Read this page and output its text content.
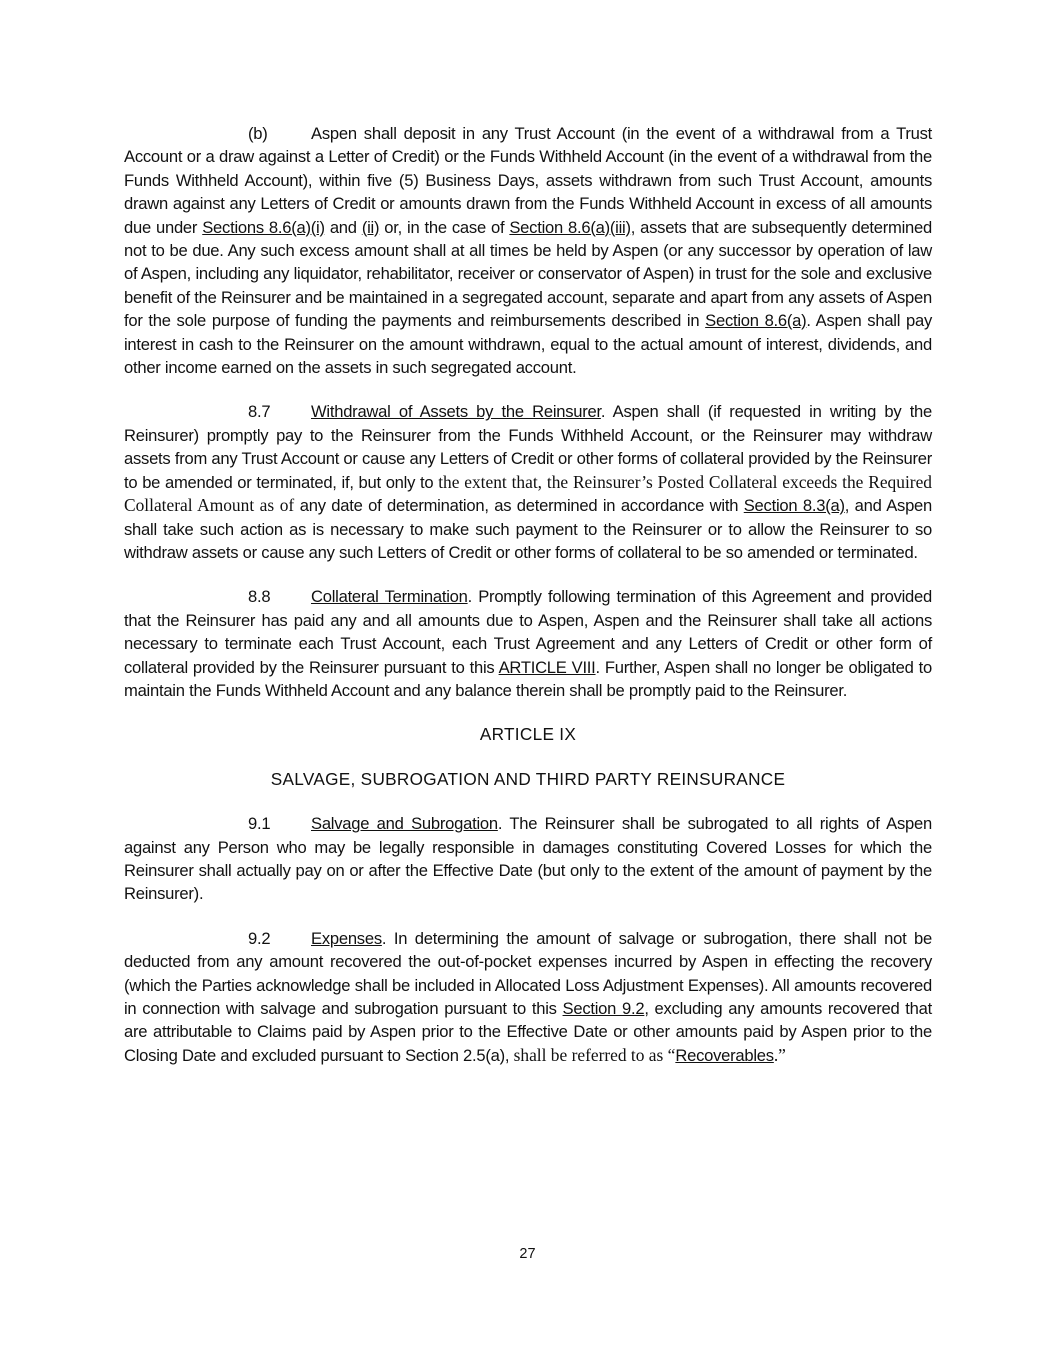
(b)	Aspen shall deposit in any Trust Account (in the event of a withdrawal from a Trust Account or a draw against a Letter of Credit) or the Funds Withheld Account (in the event of a withdrawal from the Funds Withheld Account), within five (5) Business Days, assets withdrawn from such Trust Account, amounts drawn against any Letters of Credit or amounts drawn from the Funds Withheld Account in excess of all amounts due under Sections 8.6(a)(i) and (ii) or, in the case of Section 8.6(a)(iii), assets that are subsequently determined not to be due. Any such excess amount shall at all times be held by Aspen (or any successor by operation of law of Aspen, including any liquidator, rehabilitator, receiver or conservator of Aspen) in trust for the sole and exclusive benefit of the Reinsurer and be maintained in a segregated account, separate and apart from any assets of Aspen for the sole purpose of funding the payments and reimbursements described in Section 8.6(a). Aspen shall pay interest in cash to the Reinsurer on the amount withdrawn, equal to the actual amount of interest, dividends, and other income earned on the assets in such segregated account.

8.7 Withdrawal of Assets by the Reinsurer. Aspen shall (if requested in writing by the Reinsurer) promptly pay to the Reinsurer from the Funds Withheld Account, or the Reinsurer may withdraw assets from any Trust Account or cause any Letters of Credit or other forms of collateral provided by the Reinsurer to be amended or terminated, if, but only to the extent that, the Reinsurer’s Posted Collateral exceeds the Required Collateral Amount as of any date of determination, as determined in accordance with Section 8.3(a), and Aspen shall take such action as is necessary to make such payment to the Reinsurer or to allow the Reinsurer to so withdraw assets or cause any such Letters of Credit or other forms of collateral to be so amended or terminated.

8.8 Collateral Termination. Promptly following termination of this Agreement and provided that the Reinsurer has paid any and all amounts due to Aspen, Aspen and the Reinsurer shall take all actions necessary to terminate each Trust Account, each Trust Agreement and any Letters of Credit or other form of collateral provided by the Reinsurer pursuant to this ARTICLE VIII. Further, Aspen shall no longer be obligated to maintain the Funds Withheld Account and any balance therein shall be promptly paid to the Reinsurer.

ARTICLE IX

SALVAGE, SUBROGATION AND THIRD PARTY REINSURANCE

9.1 Salvage and Subrogation. The Reinsurer shall be subrogated to all rights of Aspen against any Person who may be legally responsible in damages constituting Covered Losses for which the Reinsurer shall actually pay on or after the Effective Date (but only to the extent of the amount of payment by the Reinsurer).

9.2 Expenses. In determining the amount of salvage or subrogation, there shall not be deducted from any amount recovered the out-of-pocket expenses incurred by Aspen in effecting the recovery (which the Parties acknowledge shall be included in Allocated Loss Adjustment Expenses). All amounts recovered in connection with salvage and subrogation pursuant to this Section 9.2, excluding any amounts recovered that are attributable to Claims paid by Aspen prior to the Effective Date or other amounts paid by Aspen prior to the Closing Date and excluded pursuant to Section 2.5(a), shall be referred to as “Recoverables.”

27
